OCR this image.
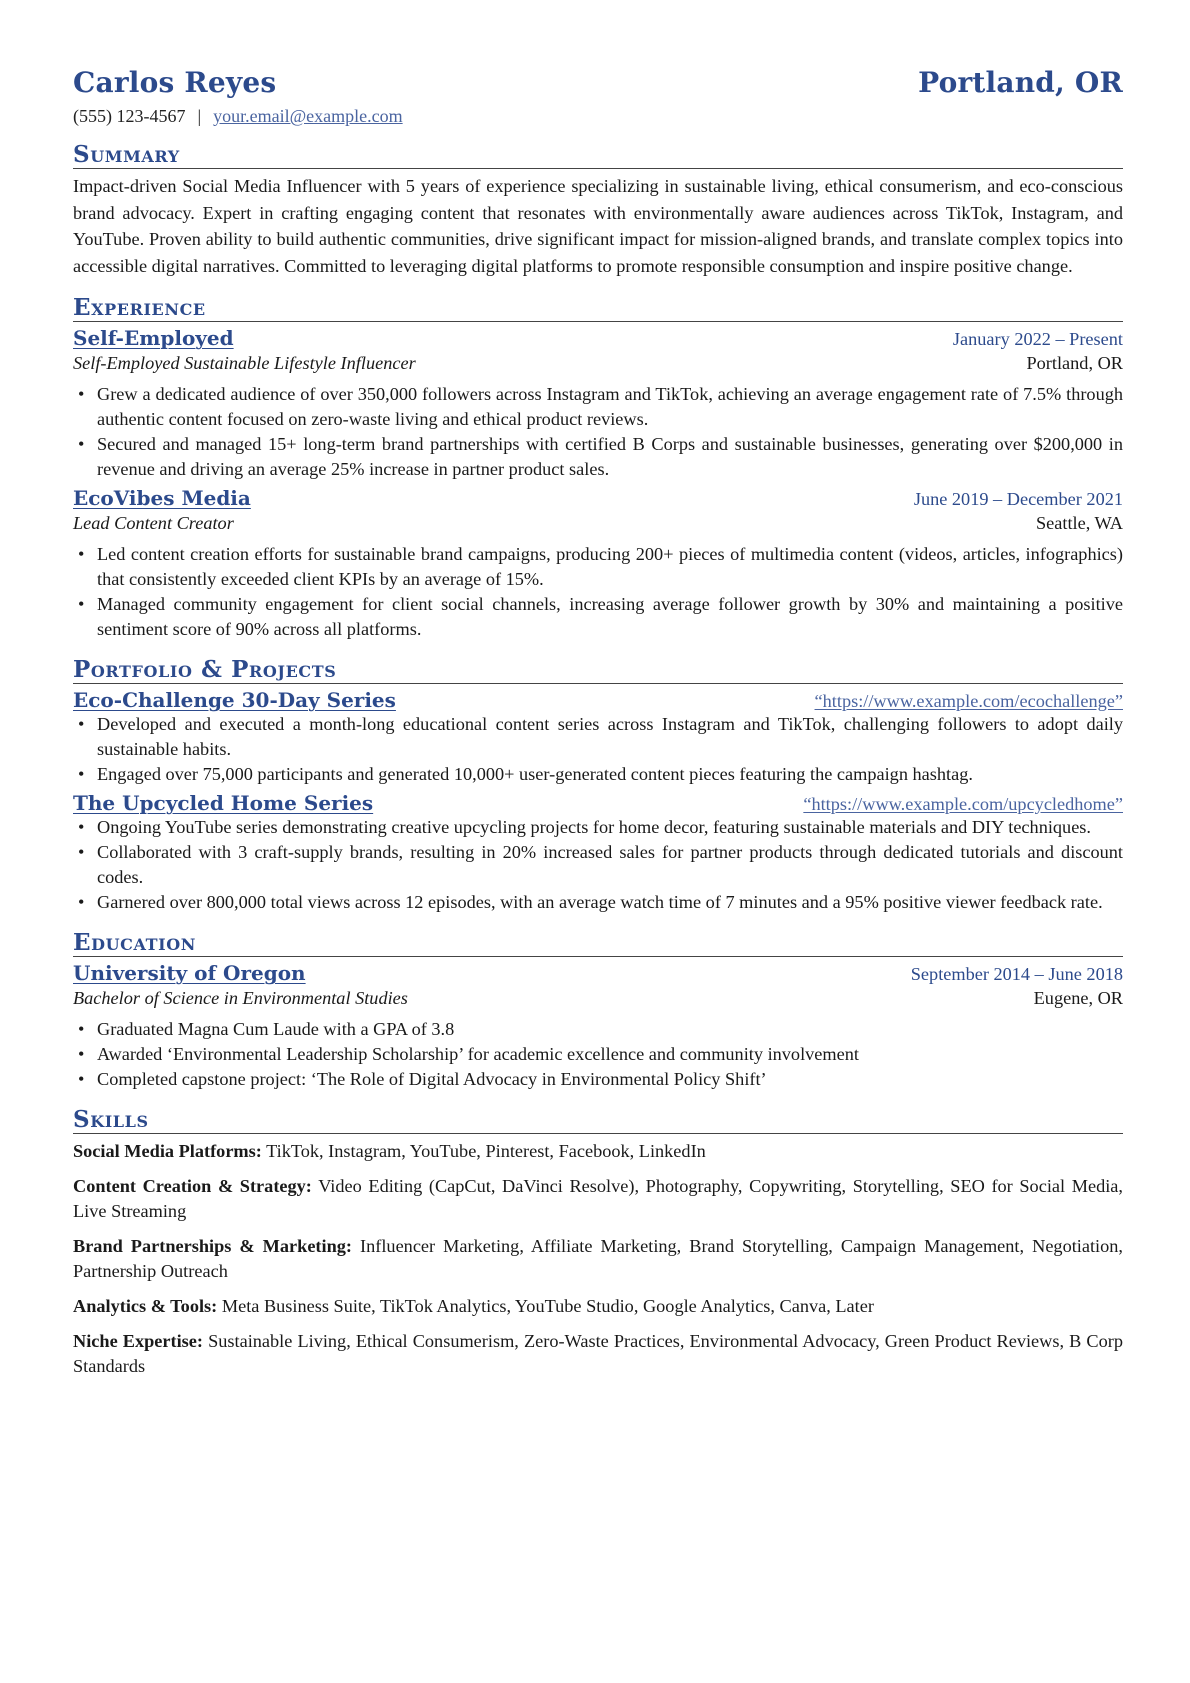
Carlos Reyes	Portland, OR
(555) 123-4567 | your.email@example.com
Summary
Impact-driven Social Media Influencer with 5 years of experience specializing in sustainable living, ethical consumerism, and eco-conscious brand advocacy. Expert in crafting engaging content that resonates with environmentally aware audiences across TikTok, Instagram, and YouTube. Proven ability to build authentic communities, drive significant impact for mission-aligned brands, and translate complex topics into accessible digital narratives. Committed to leveraging digital platforms to promote responsible consumption and inspire positive change.
Experience
Self-Employed	January 2022 – Present
Self-Employed Sustainable Lifestyle Influencer	Portland, OR
• Grew a dedicated audience of over 350,000 followers across Instagram and TikTok, achieving an average engagement rate of 7.5% through authentic content focused on zero-waste living and ethical product reviews.
• Secured and managed 15+ long-term brand partnerships with certified B Corps and sustainable businesses, generating over $200,000 in revenue and driving an average 25% increase in partner product sales.
EcoVibes Media	June 2019 – December 2021
Lead Content Creator	Seattle, WA
• Led content creation efforts for sustainable brand campaigns, producing 200+ pieces of multimedia content (videos, articles, infographics) that consistently exceeded client KPIs by an average of 15%.
• Managed community engagement for client social channels, increasing average follower growth by 30% and maintaining a positive sentiment score of 90% across all platforms.
Portfolio & Projects
Eco-Challenge 30-Day Series	“https://www.example.com/ecochallenge”
• Developed and executed a month-long educational content series across Instagram and TikTok, challenging followers to adopt daily sustainable habits.
• Engaged over 75,000 participants and generated 10,000+ user-generated content pieces featuring the campaign hashtag.
The Upcycled Home Series	“https://www.example.com/upcycledhome”
• Ongoing YouTube series demonstrating creative upcycling projects for home decor, featuring sustainable materials and DIY techniques.
• Collaborated with 3 craft-supply brands, resulting in 20% increased sales for partner products through dedicated tutorials and discount codes.
• Garnered over 800,000 total views across 12 episodes, with an average watch time of 7 minutes and a 95% positive viewer feedback rate.
Education
University of Oregon	September 2014 – June 2018
Bachelor of Science in Environmental Studies	Eugene, OR
• Graduated Magna Cum Laude with a GPA of 3.8
• Awarded ‘Environmental Leadership Scholarship’ for academic excellence and community involvement
• Completed capstone project: ‘The Role of Digital Advocacy in Environmental Policy Shift’
Skills
Social Media Platforms: TikTok, Instagram, YouTube, Pinterest, Facebook, LinkedIn
Content Creation & Strategy: Video Editing (CapCut, DaVinci Resolve), Photography, Copywriting, Storytelling, SEO for Social Media, Live Streaming
Brand Partnerships & Marketing: Influencer Marketing, Affiliate Marketing, Brand Storytelling, Campaign Management, Negotiation, Partnership Outreach
Analytics & Tools: Meta Business Suite, TikTok Analytics, YouTube Studio, Google Analytics, Canva, Later
Niche Expertise: Sustainable Living, Ethical Consumerism, Zero-Waste Practices, Environmental Advocacy, Green Product Reviews, B Corp Standards
